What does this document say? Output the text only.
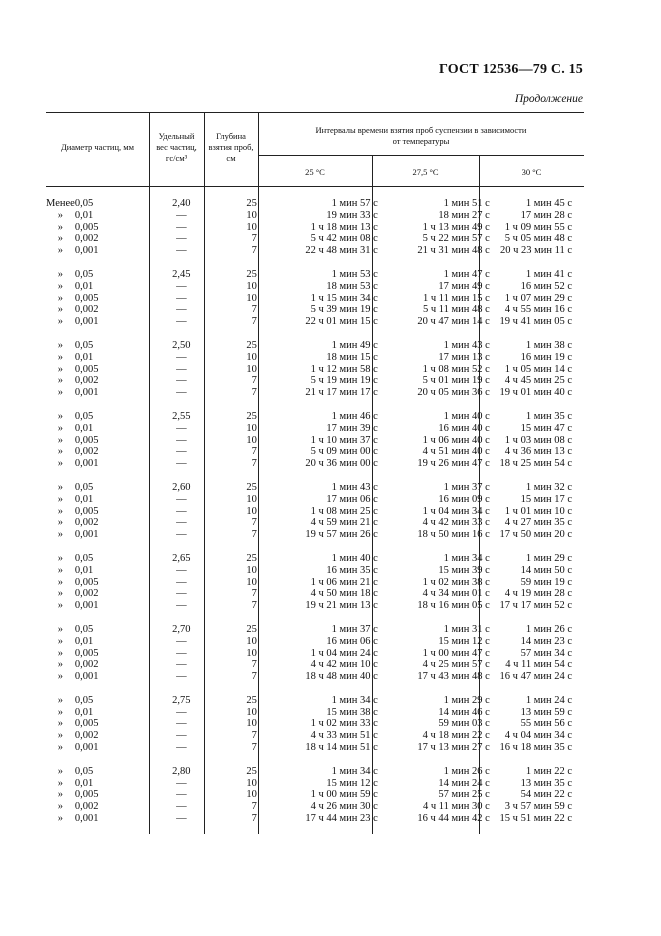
ГОСТ 12536—79 С. 15
Продолжение
Диаметр частиц, мм
Удельный
вес частиц,
гс/см³
Глубина
взятия проб,
см
Интервалы времени взятия проб суспензии в зависимости
от температуры
25 °C	27,5 °C	30 °C
Менее	0,05	2,40	25	1 мин 57 с	1 мин 51 с	1 мин 45 с
»	0,01	—	10	19 мин 33 с	18 мин 27 с	17 мин 28 с
»	0,005	—	10	1 ч 18 мин 13 с	1 ч 13 мин 49 с	1 ч 09 мин 55 с
»	0,002	—	7	5 ч 42 мин 08 с	5 ч 22 мин 57 с	5 ч 05 мин 48 с
»	0,001	—	7	22 ч 48 мин 31 с	21 ч 31 мин 48 с	20 ч 23 мин 11 с

»	0,05	2,45	25	1 мин 53 с	1 мин 47 с	1 мин 41 с
»	0,01	—	10	18 мин 53 с	17 мин 49 с	16 мин 52 с
»	0,005	—	10	1 ч 15 мин 34 с	1 ч 11 мин 15 с	1 ч 07 мин 29 с
»	0,002	—	7	5 ч 39 мин 19 с	5 ч 11 мин 48 с	4 ч 55 мин 16 с
»	0,001	—	7	22 ч 01 мин 15 с	20 ч 47 мин 14 с	19 ч 41 мин 05 с

»	0,05	2,50	25	1 мин 49 с	1 мин 43 с	1 мин 38 с
»	0,01	—	10	18 мин 15 с	17 мин 13 с	16 мин 19 с
»	0,005	—	10	1 ч 12 мин 58 с	1 ч 08 мин 52 с	1 ч 05 мин 14 с
»	0,002	—	7	5 ч 19 мин 19 с	5 ч 01 мин 19 с	4 ч 45 мин 25 с
»	0,001	—	7	21 ч 17 мин 17 с	20 ч 05 мин 36 с	19 ч 01 мин 40 с

»	0,05	2,55	25	1 мин 46 с	1 мин 40 с	1 мин 35 с
»	0,01	—	10	17 мин 39 с	16 мин 40 с	15 мин 47 с
»	0,005	—	10	1 ч 10 мин 37 с	1 ч 06 мин 40 с	1 ч 03 мин 08 с
»	0,002	—	7	5 ч 09 мин 00 с	4 ч 51 мин 40 с	4 ч 36 мин 13 с
»	0,001	—	7	20 ч 36 мин 00 с	19 ч 26 мин 47 с	18 ч 25 мин 54 с

»	0,05	2,60	25	1 мин 43 с	1 мин 37 с	1 мин 32 с
»	0,01	—	10	17 мин 06 с	16 мин 09 с	15 мин 17 с
»	0,005	—	10	1 ч 08 мин 25 с	1 ч 04 мин 34 с	1 ч 01 мин 10 с
»	0,002	—	7	4 ч 59 мин 21 с	4 ч 42 мин 33 с	4 ч 27 мин 35 с
»	0,001	—	7	19 ч 57 мин 26 с	18 ч 50 мин 16 с	17 ч 50 мин 20 с

»	0,05	2,65	25	1 мин 40 с	1 мин 34 с	1 мин 29 с
»	0,01	—	10	16 мин 35 с	15 мин 39 с	14 мин 50 с
»	0,005	—	10	1 ч 06 мин 21 с	1 ч 02 мин 38 с	59 мин 19 с
»	0,002	—	7	4 ч 50 мин 18 с	4 ч 34 мин 01 с	4 ч 19 мин 28 с
»	0,001	—	7	19 ч 21 мин 13 с	18 ч 16 мин 05 с	17 ч 17 мин 52 с

»	0,05	2,70	25	1 мин 37 с	1 мин 31 с	1 мин 26 с
»	0,01	—	10	16 мин 06 с	15 мин 12 с	14 мин 23 с
»	0,005	—	10	1 ч 04 мин 24 с	1 ч 00 мин 47 с	57 мин 34 с
»	0,002	—	7	4 ч 42 мин 10 с	4 ч 25 мин 57 с	4 ч 11 мин 54 с
»	0,001	—	7	18 ч 48 мин 40 с	17 ч 43 мин 48 с	16 ч 47 мин 24 с

»	0,05	2,75	25	1 мин 34 с	1 мин 29 с	1 мин 24 с
»	0,01	—	10	15 мин 38 с	14 мин 46 с	13 мин 59 с
»	0,005	—	10	1 ч 02 мин 33 с	59 мин 03 с	55 мин 56 с
»	0,002	—	7	4 ч 33 мин 51 с	4 ч 18 мин 22 с	4 ч 04 мин 34 с
»	0,001	—	7	18 ч 14 мин 51 с	17 ч 13 мин 27 с	16 ч 18 мин 35 с

»	0,05	2,80	25	1 мин 34 с	1 мин 26 с	1 мин 22 с
»	0,01	—	10	15 мин 12 с	14 мин 24 с	13 мин 35 с
»	0,005	—	10	1 ч 00 мин 59 с	57 мин 25 с	54 мин 22 с
»	0,002	—	7	4 ч 26 мин 30 с	4 ч 11 мин 30 с	3 ч 57 мин 59 с
»	0,001	—	7	17 ч 44 мин 23 с	16 ч 44 мин 42 с	15 ч 51 мин 22 с
